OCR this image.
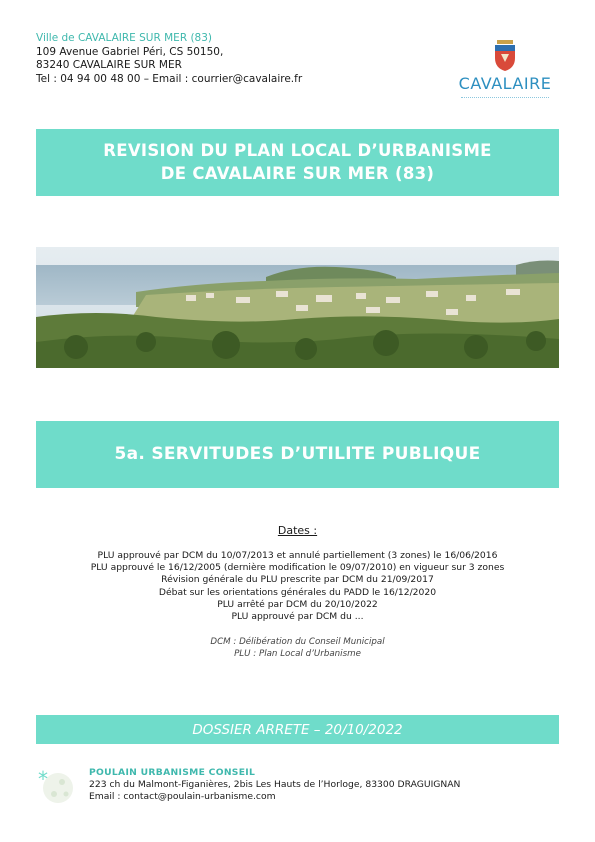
Ville de CAVALAIRE SUR MER (83)
109 Avenue Gabriel Péri, CS 50150,
83240 CAVALAIRE SUR MER
Tel : 04 94 00 48 00 – Email : courrier@cavalaire.fr	CAVALAIRE
REVISION DU PLAN LOCAL D’URBANISME
DE CAVALAIRE SUR MER (83)
5a. SERVITUDES D’UTILITE PUBLIQUE
Dates :
PLU approuvé par DCM du 10/07/2013 et annulé partiellement (3 zones) le 16/06/2016
PLU approuvé le 16/12/2005 (dernière modification le 09/07/2010) en vigueur sur 3 zones
Révision générale du PLU prescrite par DCM du 21/09/2017
Débat sur les orientations générales du PADD le 16/12/2020
PLU arrêté par DCM du 20/10/2022
PLU approuvé par DCM du ...
DCM : Délibération du Conseil Municipal
PLU : Plan Local d’Urbanisme
DOSSIER ARRETE – 20/10/2022
*	POULAIN URBANISME CONSEIL
223 ch du Malmont-Figanières, 2bis Les Hauts de l’Horloge, 83300 DRAGUIGNAN
Email : contact@poulain-urbanisme.com
